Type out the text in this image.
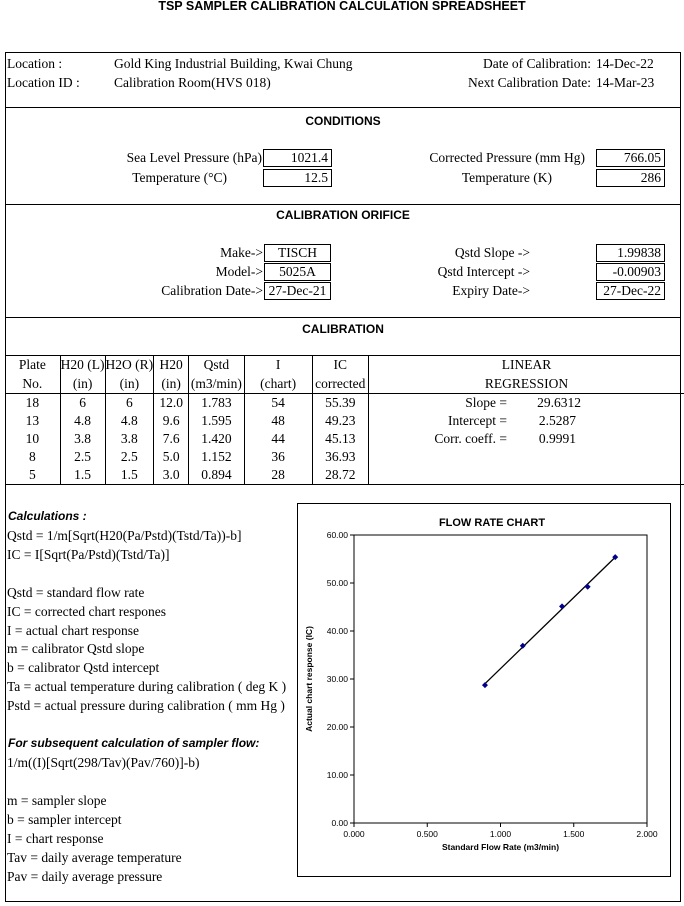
TSP SAMPLER CALIBRATION CALCULATION SPREADSHEET
Location :	Gold King Industrial Building, Kwai Chung
Location ID :	Calibration Room(HVS 018)
Date of Calibration: 14-Dec-22
Next Calibration Date: 14-Mar-23
CONDITIONS
Sea Level Pressure (hPa)	1021.4
Temperature (°C)	12.5
Corrected Pressure (mm Hg)	766.05
Temperature (K)	286
CALIBRATION ORIFICE
Make->	TISCH
Model->	5025A
Calibration Date-> 27-Dec-21
Qstd Slope ->	1.99838
Qstd Intercept ->	-0.00903
Expiry Date->	27-Dec-22
CALIBRATION
Plate	H20 (L)	H2O (R)	H20	Qstd	I	IC	LINEAR
No.	(in)	(in)	(in)	(m3/min)	(chart)	corrected	REGRESSION
18	6	6	12.0	1.783	54	55.39	Slope = 29.6312
13	4.8	4.8	9.6	1.595	48	49.23	Intercept = 2.5287
10	3.8	3.8	7.6	1.420	44	45.13	Corr. coeff. = 0.9991
8	2.5	2.5	5.0	1.152	36	36.93	
5	1.5	1.5	3.0	0.894	28	28.72	
Calculations :
Qstd = 1/m[Sqrt(H20(Pa/Pstd)(Tstd/Ta))-b]
IC = I[Sqrt(Pa/Pstd)(Tstd/Ta)]
Qstd = standard flow rate
IC = corrected chart respones
I = actual chart response
m = calibrator Qstd slope
b = calibrator Qstd intercept
Ta = actual temperature during calibration ( deg K )
Pstd = actual pressure during calibration ( mm Hg )
For subsequent calculation of sampler flow:
1/m((I)[Sqrt(298/Tav)(Pav/760)]-b)
m = sampler slope
b = sampler intercept
I = chart response
Tav = daily average temperature
Pav = daily average pressure
FLOW RATE CHART
0.00
10.00
20.00
30.00
40.00
50.00
60.00
0.000	0.500	1.000	1.500	2.000
Standard Flow Rate (m3/min)
Actual chart response (IC)
